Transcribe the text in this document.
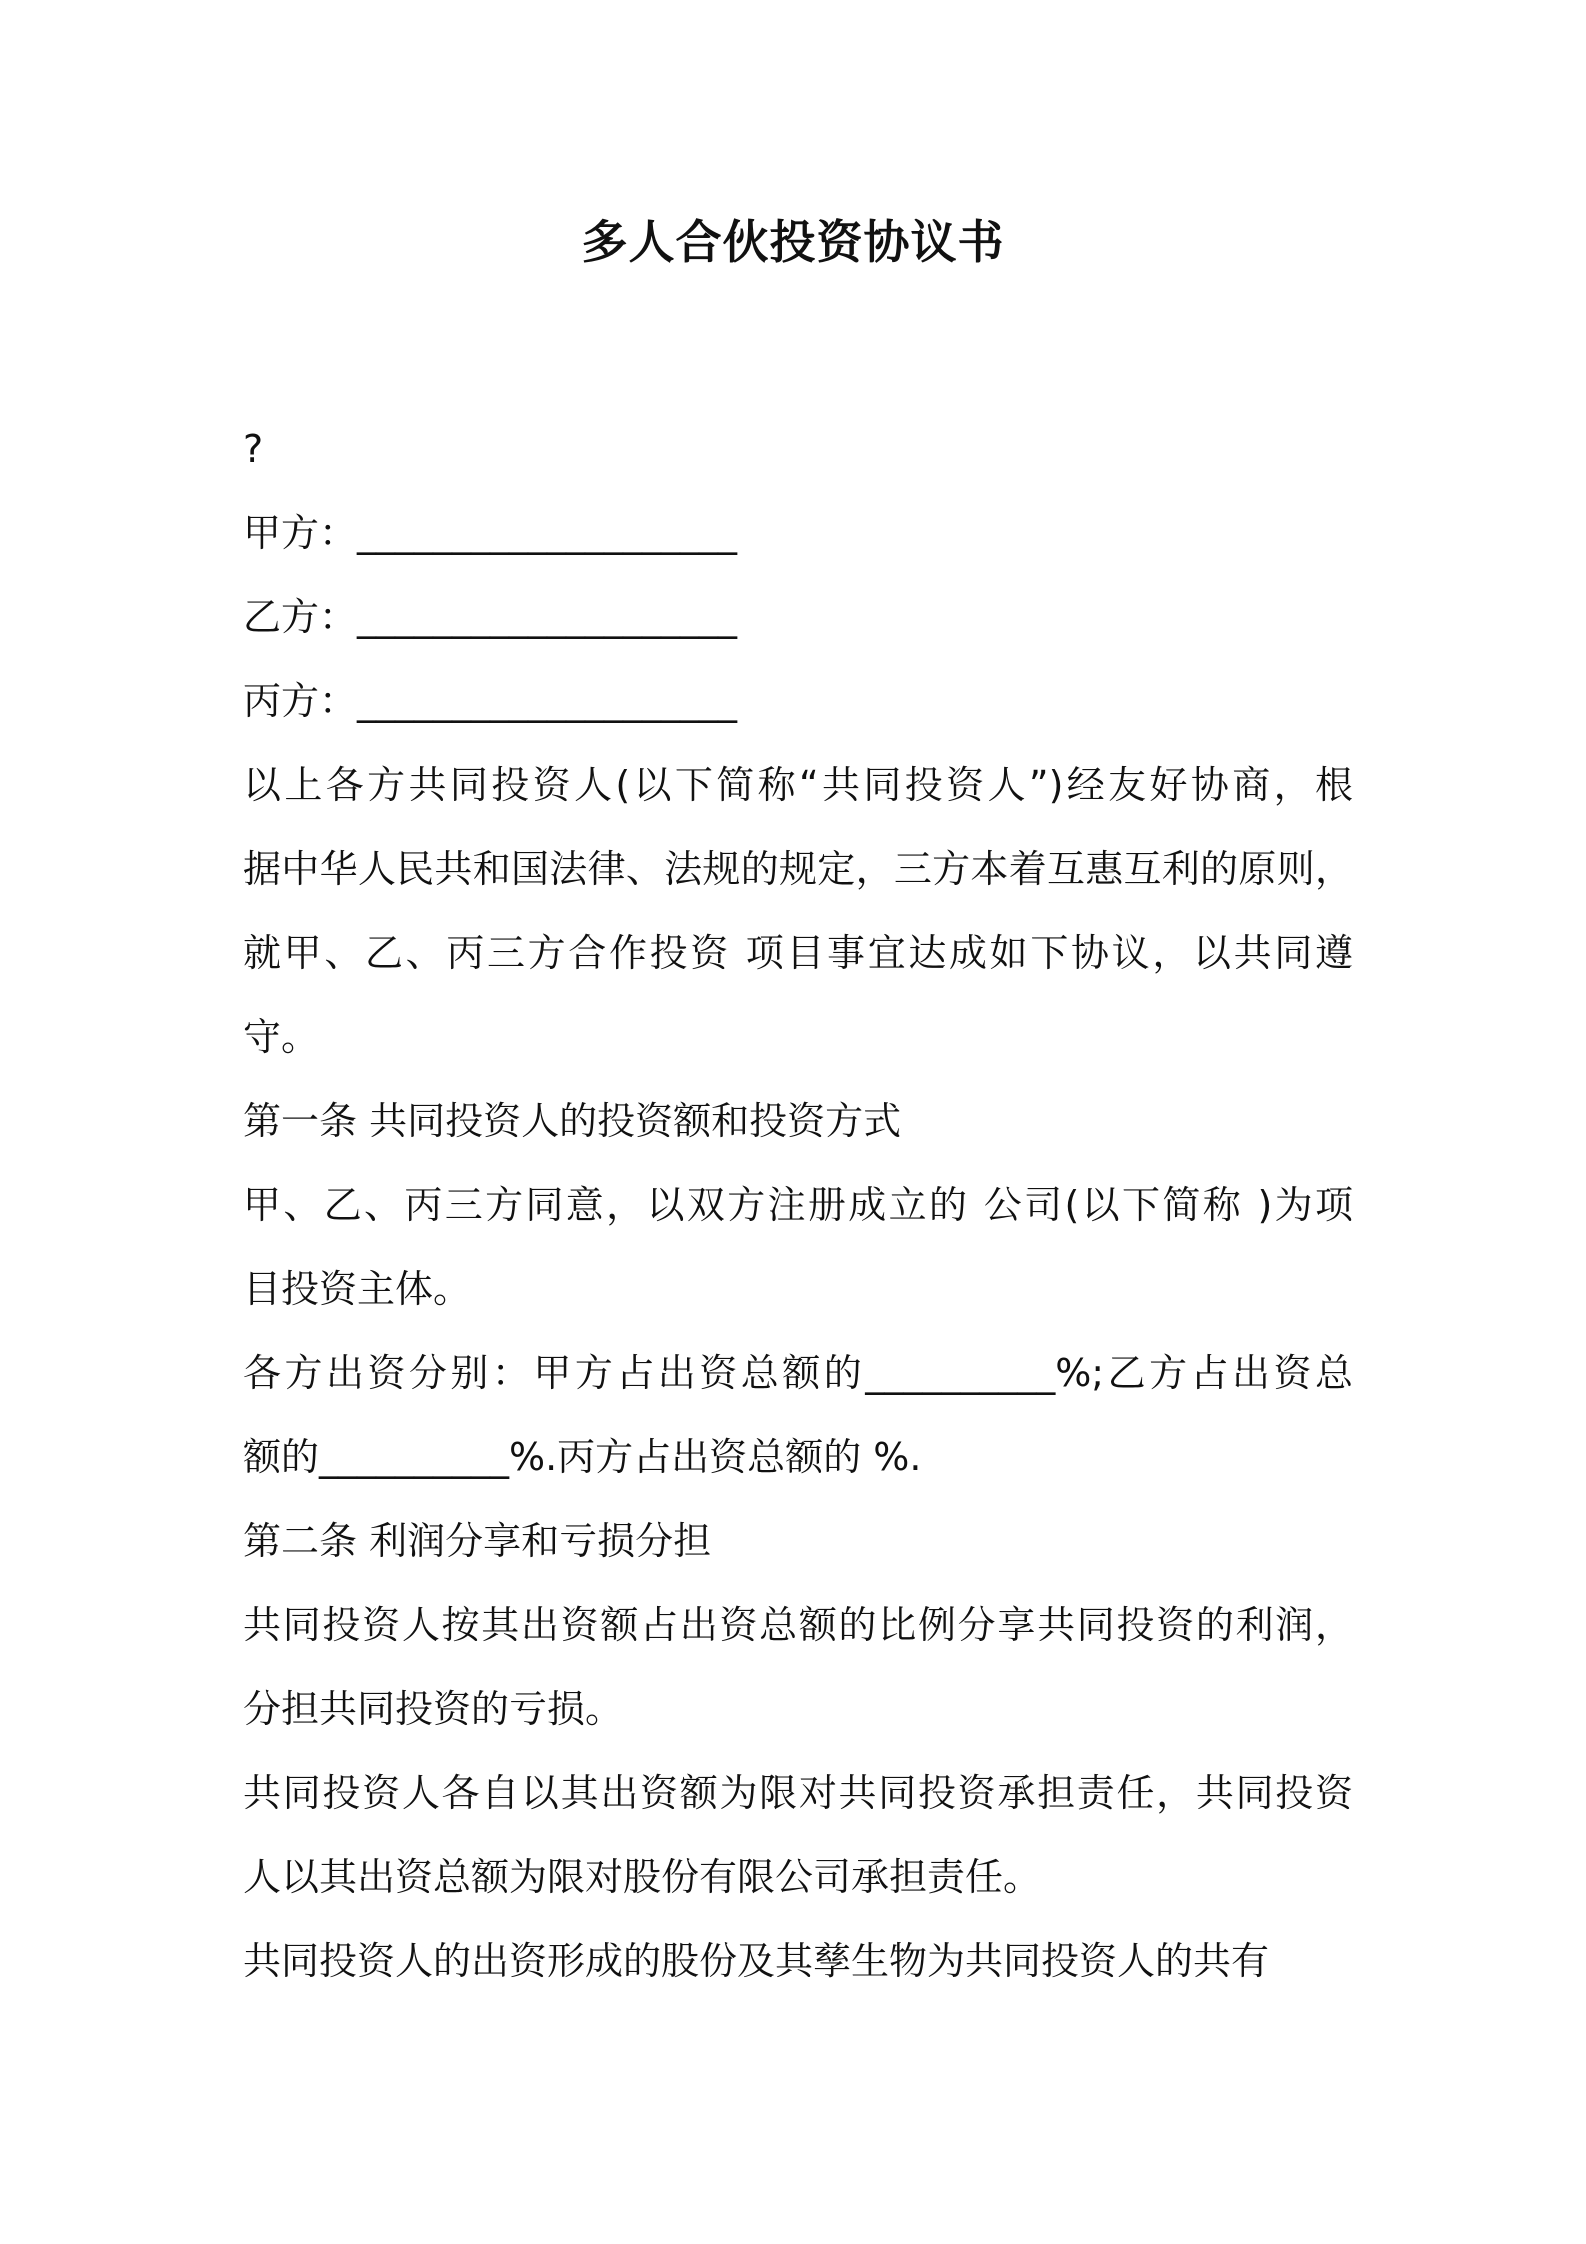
多人合伙投资协议书
?
甲方：____________________
乙方：____________________
丙方：____________________
以上各方共同投资人(以下简称“共同投资人”)经友好协商，根
据中华人民共和国法律、法规的规定，三方本着互惠互利的原则，
就甲、乙、丙三方合作投资 项目事宜达成如下协议，以共同遵
守。
第一条 共同投资人的投资额和投资方式
甲、乙、丙三方同意，以双方注册成立的 公司(以下简称 )为项
目投资主体。
各方出资分别：甲方占出资总额的__________%;乙方占出资总
额的__________%.丙方占出资总额的 %.
第二条 利润分享和亏损分担
共同投资人按其出资额占出资总额的比例分享共同投资的利润，
分担共同投资的亏损。
共同投资人各自以其出资额为限对共同投资承担责任，共同投资
人以其出资总额为限对股份有限公司承担责任。
共同投资人的出资形成的股份及其孳生物为共同投资人的共有
